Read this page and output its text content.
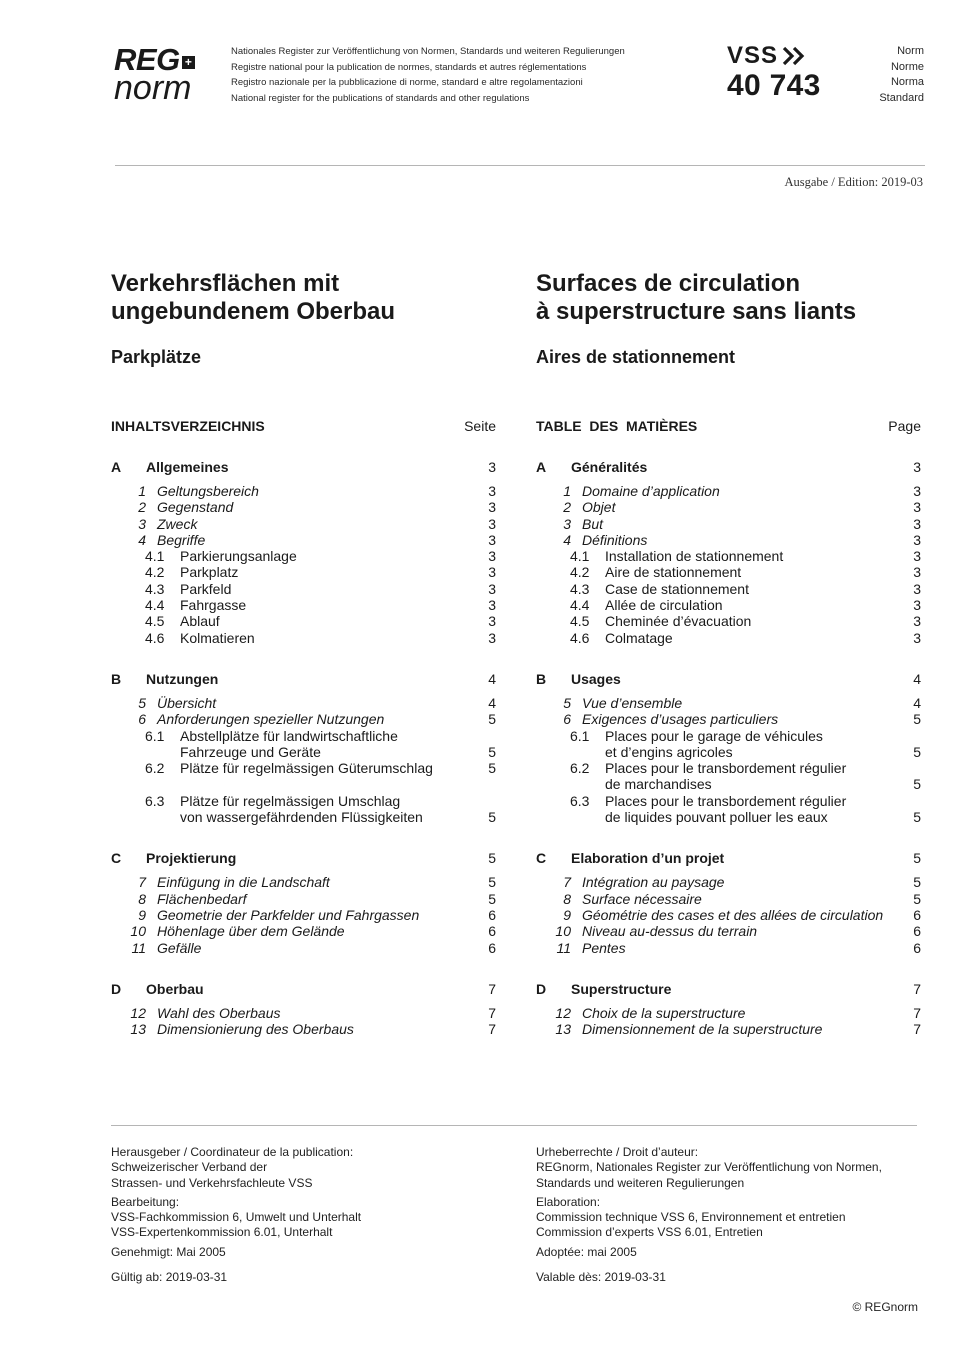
REG +
norm
Nationales Register zur Veröffentlichung von Normen, Standards und weiteren Regulierungen
Registre national pour la publication de normes, standards et autres réglementations
Registro nazionale per la pubblicazione di norme, standard e altre regolamentazioni
National register for the publications of standards and other regulations
VSS
40 743
Norm
Norme
Norma
Standard
Ausgabe / Edition: 2019-03
Verkehrsflächen mit
ungebundenem Oberbau
Parkplätze
INHALTSVERZEICHNIS	Seite
A	Allgemeines	3
1 Geltungsbereich	3
2 Gegenstand	3
3 Zweck	3
4 Begriffe	3
4.1	Parkierungsanlage	3
4.2	Parkplatz	3
4.3	Parkfeld	3
4.4	Fahrgasse	3
4.5	Ablauf	3
4.6	Kolmatieren	3
B	Nutzungen	4
5 Übersicht	4
6 Anforderungen spezieller Nutzungen	5
6.1	Abstellplätze für landwirtschaftliche
Fahrzeuge und Geräte	5
6.2	Plätze für regelmässigen Güterumschlag	5

6.3	Plätze für regelmässigen Umschlag
von wassergefährdenden Flüssigkeiten	5
C	Projektierung	5
7 Einfügung in die Landschaft	5
8 Flächenbedarf	5
9 Geometrie der Parkfelder und Fahrgassen	6
10 Höhenlage über dem Gelände	6
11 Gefälle	6
D	Oberbau	7
12 Wahl des Oberbaus	7
13 Dimensionierung des Oberbaus	7
Surfaces de circulation
à superstructure sans liants
Aires de stationnement
TABLE  DES  MATIÈRES	Page
A	Généralités	3
1 Domaine d’application	3
2 Objet	3
3 But	3
4 Définitions	3
4.1	Installation de stationnement	3
4.2	Aire de stationnement	3
4.3	Case de stationnement	3
4.4	Allée de circulation	3
4.5	Cheminée d’évacuation	3
4.6	Colmatage	3
B	Usages	4
5 Vue d’ensemble	4
6 Exigences d’usages particuliers	5
6.1	Places pour le garage de véhicules
et d’engins agricoles	5
6.2	Places pour le transbordement régulier
de marchandises	5
6.3	Places pour le transbordement régulier
de liquides pouvant polluer les eaux	5
C	Elaboration d’un projet	5
7 Intégration au paysage	5
8 Surface nécessaire	5
9 Géométrie des cases et des allées de circulation 6
10 Niveau au-dessus du terrain	6
11 Pentes	6
D	Superstructure	7
12 Choix de la superstructure	7
13 Dimensionnement de la superstructure	7

Herausgeber / Coordinateur de la publication:
Schweizerischer Verband der
Strassen- und Verkehrsfachleute VSS

Bearbeitung:
VSS-Fachkommission 6, Umwelt und Unterhalt
VSS-Expertenkommission 6.01, Unterhalt

Genehmigt: Mai 2005

Gültig ab: 2019-03-31

Urheberrechte / Droit d’auteur:
REGnorm, Nationales Register zur Veröffentlichung von Normen,
Standards und weiteren Regulierungen

Elaboration:
Commission technique VSS 6, Environnement et entretien
Commission d’experts VSS 6.01, Entretien

Adoptée: mai 2005

Valable dès: 2019-03-31

© REGnorm
